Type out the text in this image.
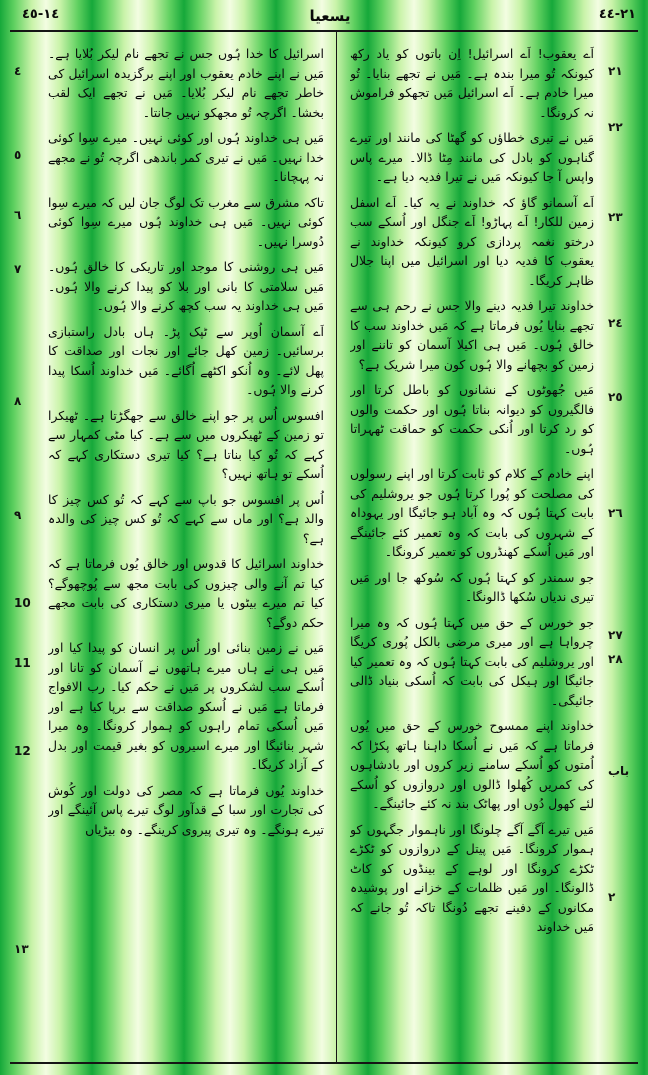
١٤-٤٥	يسعيا	٢١-٤٤
اسرائیل کا خدا ہُوں جس نے تجھے نام لیکر بُلایا ہے۔ مَیں نے اپنے خادم یعقوب اور اپنے برگزیدہ اسرائیل کی خاطر تجھے نام لیکر بُلایا۔ مَیں نے تجھے ایک لقب بخشا۔ اگرچہ تُو مجھکو نہیں جانتا۔
مَیں ہی خداوند ہُوں اور کوئی نہیں۔ میرے سِوا کوئی خدا نہیں۔ مَیں نے تیری کمر باندھی اگرچہ تُو نے مجھے نہ پہچانا۔
تاکہ مشرق سے مغرب تک لوگ جان لیں کہ میرے سِوا کوئی نہیں۔ مَیں ہی خداوند ہُوں میرے سِوا کوئی دُوسرا نہیں۔
مَیں ہی روشنی کا موجد اور تاریکی کا خالق ہُوں۔ مَیں سلامتی کا بانی اور بلا کو پیدا کرنے والا ہُوں۔ مَیں ہی خداوند یہ سب کچھ کرنے والا ہُوں۔
اَے آسمان اُوپر سے ٹپک پڑ۔ ہاں بادل راستبازی برسائیں۔ زمین کھل جائے اور نجات اور صداقت کا پھل لائے۔ وہ اُنکو اکٹھے اُگائے۔ مَیں خداوند اُسکا پیدا کرنے والا ہُوں۔
افسوس اُس پر جو اپنے خالق سے جھگڑتا ہے۔ ٹھیکرا تو زمین کے ٹھیکروں میں سے ہے۔ کیا مٹی کمہار سے کہے کہ تُو کیا بناتا ہے؟ کیا تیری دستکاری کہے کہ اُسکے تو ہاتھ نہیں؟
اُس پر افسوس جو باپ سے کہے کہ تُو کس چیز کا والد ہے؟ اور ماں سے کہے کہ تُو کس چیز کی والدہ ہے؟
خداوند اسرائیل کا قدوس اور خالق یُوں فرماتا ہے کہ کیا تم آنے والی چیزوں کی بابت مجھ سے پُوچھوگے؟ کیا تم میرے بیٹوں یا میری دستکاری کی بابت مجھے حکم دوگے؟
مَیں نے زمین بنائی اور اُس پر انسان کو پیدا کیا اور مَیں ہی نے ہاں میرے ہاتھوں نے آسمان کو تانا اور اُسکے سب لشکروں پر مَیں نے حکم کیا۔ رب الافواج فرماتا ہے مَیں نے اُسکو صداقت سے برپا کیا ہے اور مَیں اُسکی تمام راہوں کو ہموار کرونگا۔ وہ میرا شہر بنائیگا اور میرے اسیروں کو بغیر قیمت اور بدل کے آزاد کریگا۔
خداوند یُوں فرماتا ہے کہ مصر کی دولت اور کُوش کی تجارت اور سبا کے قدآور لوگ تیرے پاس آئینگے اور تیرے ہونگے۔ وہ تیری پیروی کرینگے۔ وہ بیڑیاں
اَے یعقوب! اَے اسرائیل! اِن باتوں کو یاد رکھ کیونکہ تُو میرا بندہ ہے۔ مَیں نے تجھے بنایا۔ تُو میرا خادم ہے۔ اَے اسرائیل مَیں تجھکو فراموش نہ کرونگا۔
مَیں نے تیری خطاؤں کو گھٹا کی مانند اور تیرے گناہوں کو بادل کی مانند مِٹا ڈالا۔ میرے پاس واپس آ جا کیونکہ مَیں نے تیرا فدیہ دیا ہے۔
اَے آسمانو گاؤ کہ خداوند نے یہ کیا۔ اَے اسفل زمین للکار! اَے پہاڑو! اَے جنگل اور اُسکے سب درختو نغمہ پردازی کرو کیونکہ خداوند نے یعقوب کا فدیہ دیا اور اسرائیل میں اپنا جلال ظاہر کریگا۔
خداوند تیرا فدیہ دینے والا جس نے رحم ہی سے تجھے بنایا یُوں فرماتا ہے کہ مَیں خداوند سب کا خالق ہُوں۔ مَیں ہی اکیلا آسمان کو تاننے اور زمین کو بچھانے والا ہُوں کون میرا شریک ہے؟
مَیں جُھوٹوں کے نشانوں کو باطل کرتا اور فالگیروں کو دیوانہ بناتا ہُوں اور حکمت والوں کو رد کرتا اور اُنکی حکمت کو حماقت ٹھہراتا ہُوں۔
اپنے خادم کے کلام کو ثابت کرتا اور اپنے رسولوں کی مصلحت کو پُورا کرتا ہُوں جو یروشلیم کی بابت کہتا ہُوں کہ وہ آباد ہو جائیگا اور یہوداہ کے شہروں کی بابت کہ وہ تعمیر کئے جائینگے اور مَیں اُسکے کھنڈروں کو تعمیر کرونگا۔
جو سمندر کو کہتا ہُوں کہ سُوکھ جا اور مَیں تیری ندیاں سُکھا ڈالونگا۔
جو خورس کے حق میں کہتا ہُوں کہ وہ میرا چرواہا ہے اور میری مرضی بالکل پُوری کریگا اور یروشلیم کی بابت کہتا ہُوں کہ وہ تعمیر کیا جائیگا اور ہیکل کی بابت کہ اُسکی بنیاد ڈالی جائیگی۔
خداوند اپنے ممسوح خورس کے حق میں یُوں فرماتا ہے کہ مَیں نے اُسکا داہنا ہاتھ پکڑا کہ اُمتوں کو اُسکے سامنے زیر کروں اور بادشاہوں کی کمریں کُھلوا ڈالوں اور دروازوں کو اُسکے لئے کھول دُوں اور پھاٹک بند نہ کئے جائینگے۔
مَیں تیرے آگے آگے چلونگا اور ناہموار جگہوں کو ہموار کرونگا۔ مَیں پیتل کے دروازوں کو ٹکڑے ٹکڑے کرونگا اور لوہے کے بینڈوں کو کاٹ ڈالونگا۔ اور مَیں ظلمات کے خزانے اور پوشیدہ مکانوں کے دفینے تجھے دُونگا تاکہ تُو جانے کہ مَیں خداوند
٤
٥
٦
٧
٨
٩
10
11
12
١٣
٢١
٢٢
٢٣
٢٤
٢٥
٢٦
٢٧
٢٨
باب
٢
